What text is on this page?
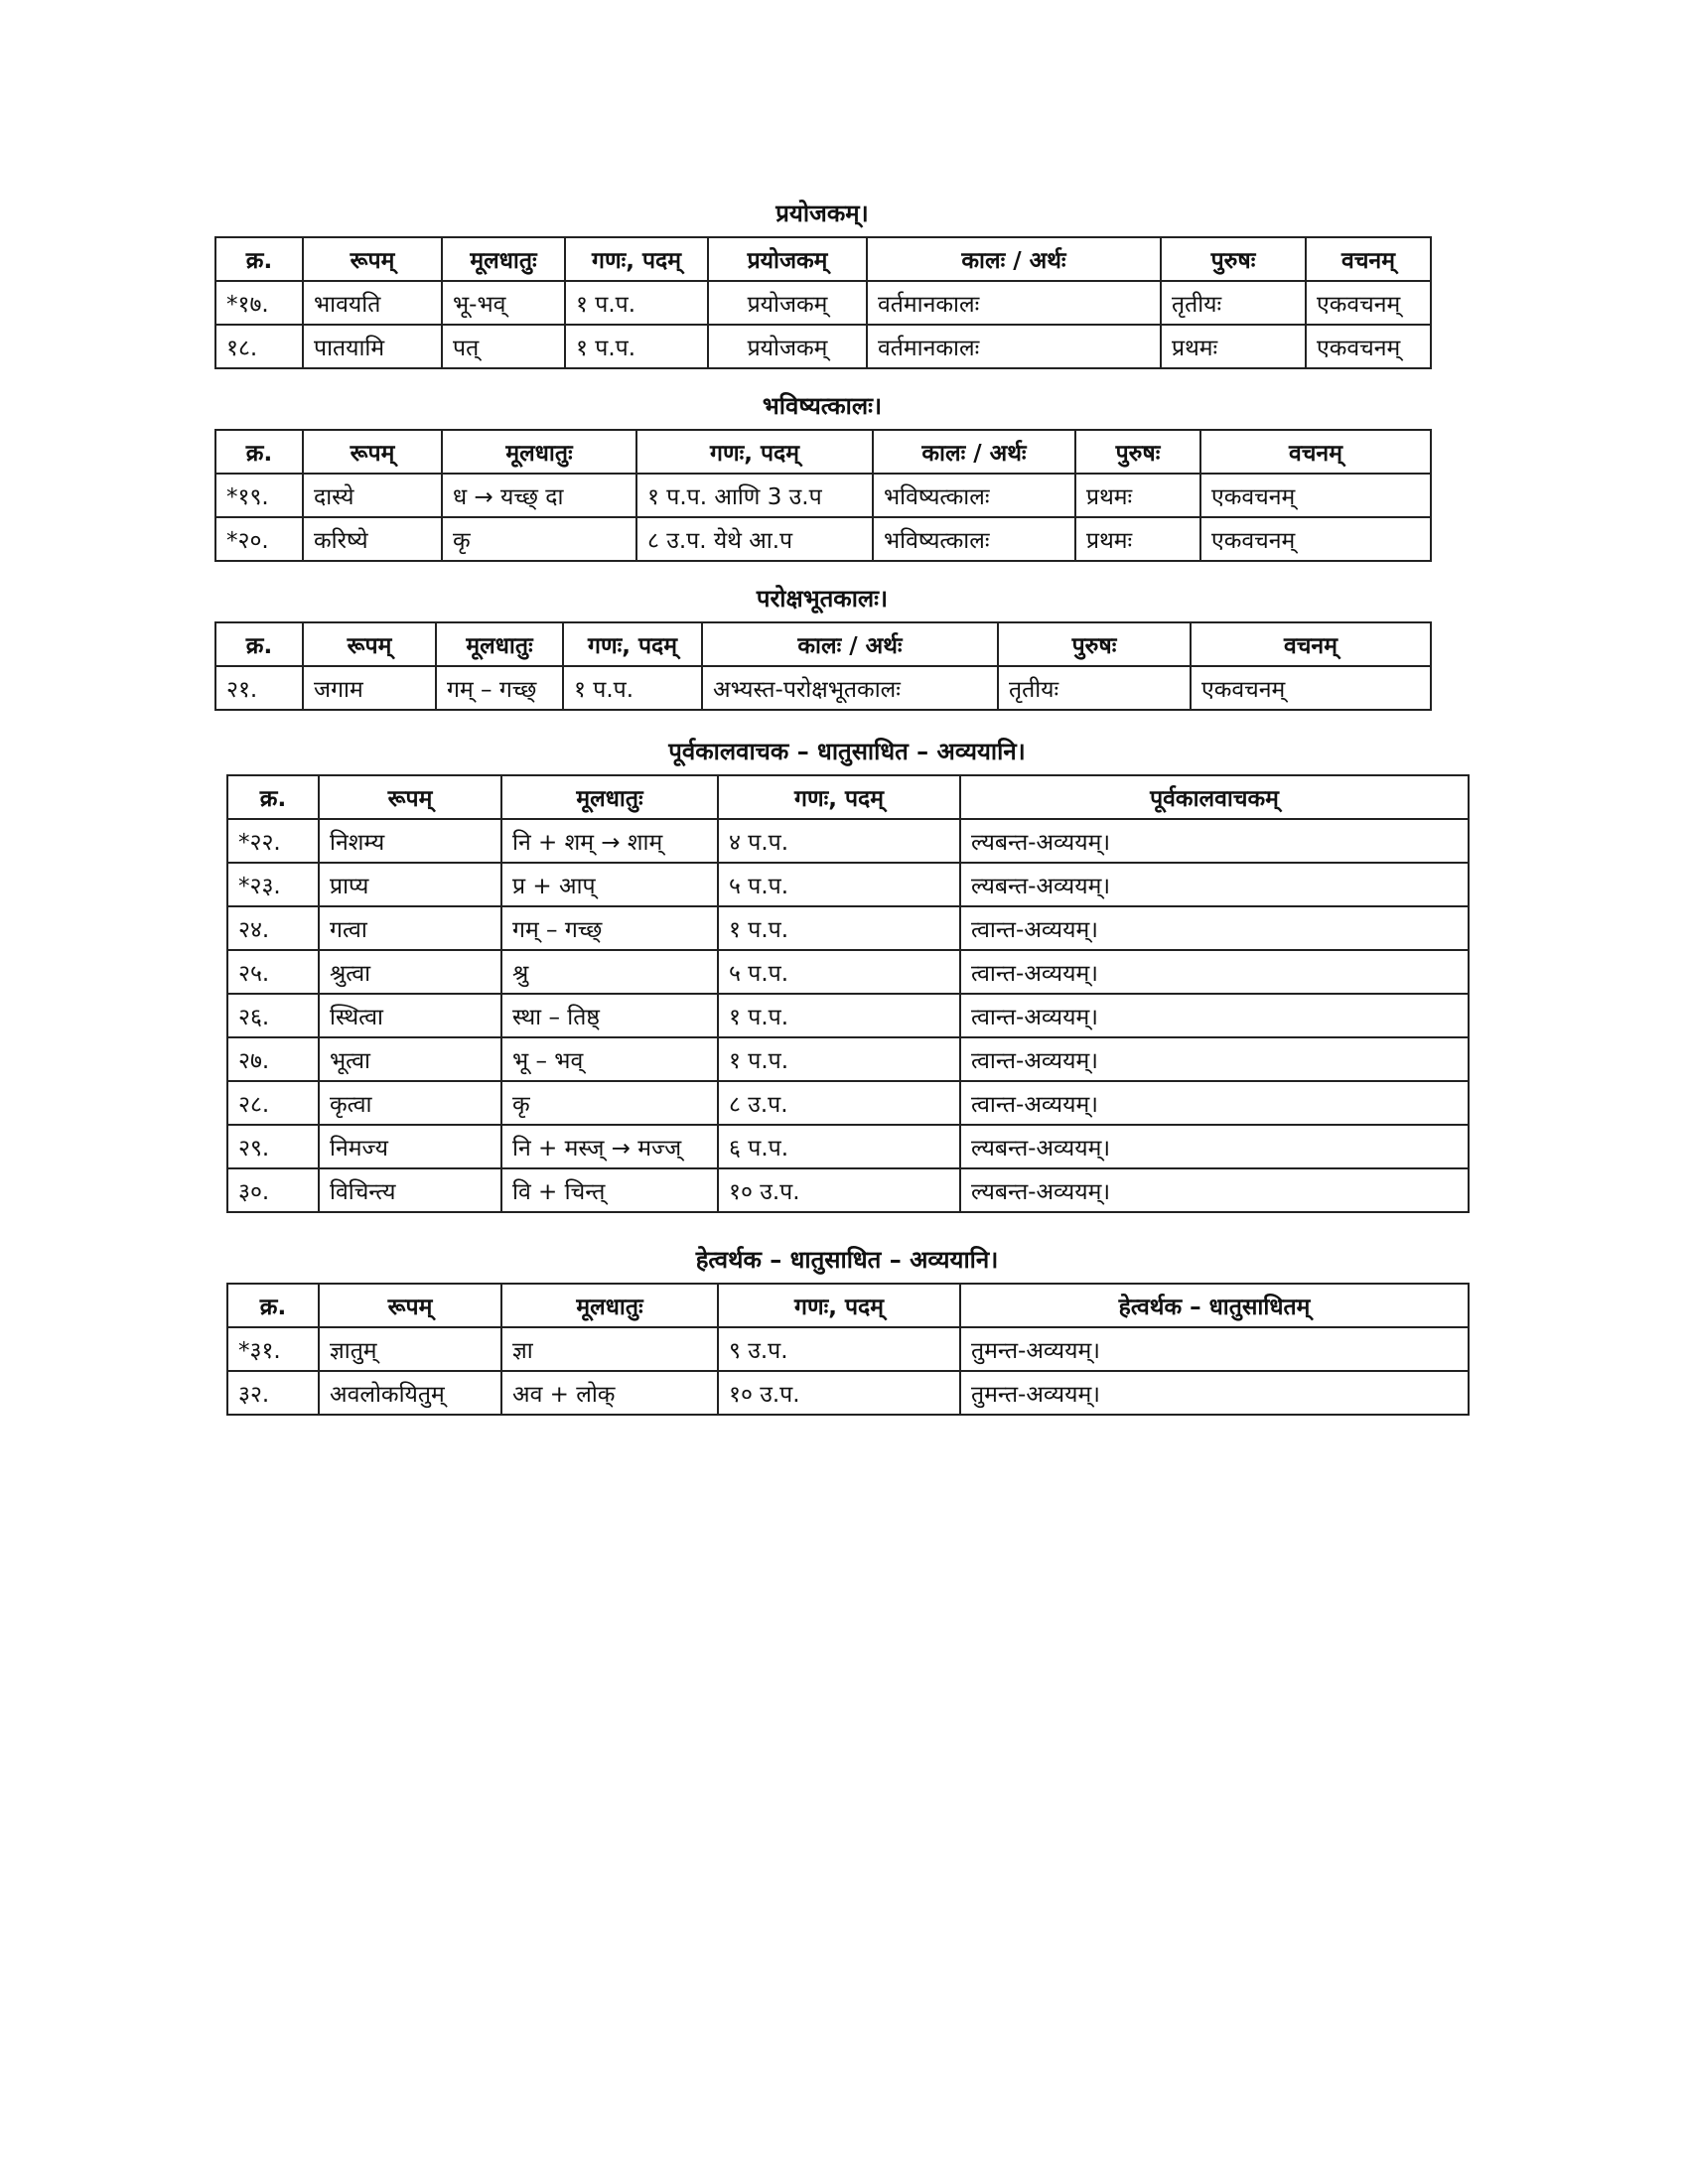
प्रयोजकम्।
क्र.	रूपम्	मूलधातुः	गणः, पदम्	प्रयोजकम्	कालः / अर्थः	पुरुषः	वचनम्
*१७.	भावयति	भू-भव्	१ प.प.	प्रयोजकम्	वर्तमानकालः	तृतीयः	एकवचनम्
१८.	पातयामि	पत्	१ प.प.	प्रयोजकम्	वर्तमानकालः	प्रथमः	एकवचनम्
भविष्यत्कालः।
क्र.	रूपम्	मूलधातुः	गणः, पदम्	कालः / अर्थः	पुरुषः	वचनम्
*१९.	दास्ये	ध → यच्छ् दा	१ प.प. आणि 3 उ.प	भविष्यत्कालः	प्रथमः	एकवचनम्
*२०.	करिष्ये	कृ	८ उ.प. येथे आ.प	भविष्यत्कालः	प्रथमः	एकवचनम्
परोक्षभूतकालः।
क्र.	रूपम्	मूलधातुः	गणः, पदम्	कालः / अर्थः	पुरुषः	वचनम्
२१.	जगाम	गम् – गच्छ्	१ प.प.	अभ्यस्त-परोक्षभूतकालः	तृतीयः	एकवचनम्
पूर्वकालवाचक – धातुसाधित – अव्ययानि।
क्र.	रूपम्	मूलधातुः	गणः, पदम्	पूर्वकालवाचकम्
*२२.	निशम्य	नि + शम् → शाम्	४ प.प.	ल्यबन्त-अव्ययम्।
*२३.	प्राप्य	प्र + आप्	५ प.प.	ल्यबन्त-अव्ययम्।
२४.	गत्वा	गम् – गच्छ्	१ प.प.	त्वान्त-अव्ययम्।
२५.	श्रुत्वा	श्रु	५ प.प.	त्वान्त-अव्ययम्।
२६.	स्थित्वा	स्था – तिष्ठ्	१ प.प.	त्वान्त-अव्ययम्।
२७.	भूत्वा	भू – भव्	१ प.प.	त्वान्त-अव्ययम्।
२८.	कृत्वा	कृ	८ उ.प.	त्वान्त-अव्ययम्।
२९.	निमज्य	नि + मस्ज् → मज्ज्	६ प.प.	ल्यबन्त-अव्ययम्।
३०.	विचिन्त्य	वि + चिन्त्	१० उ.प.	ल्यबन्त-अव्ययम्।
हेत्वर्थक – धातुसाधित – अव्ययानि।
क्र.	रूपम्	मूलधातुः	गणः, पदम्	हेत्वर्थक – धातुसाधितम्
*३१.	ज्ञातुम्	ज्ञा	९ उ.प.	तुमन्त-अव्ययम्।
३२.	अवलोकयितुम्	अव + लोक्	१० उ.प.	तुमन्त-अव्ययम्।
